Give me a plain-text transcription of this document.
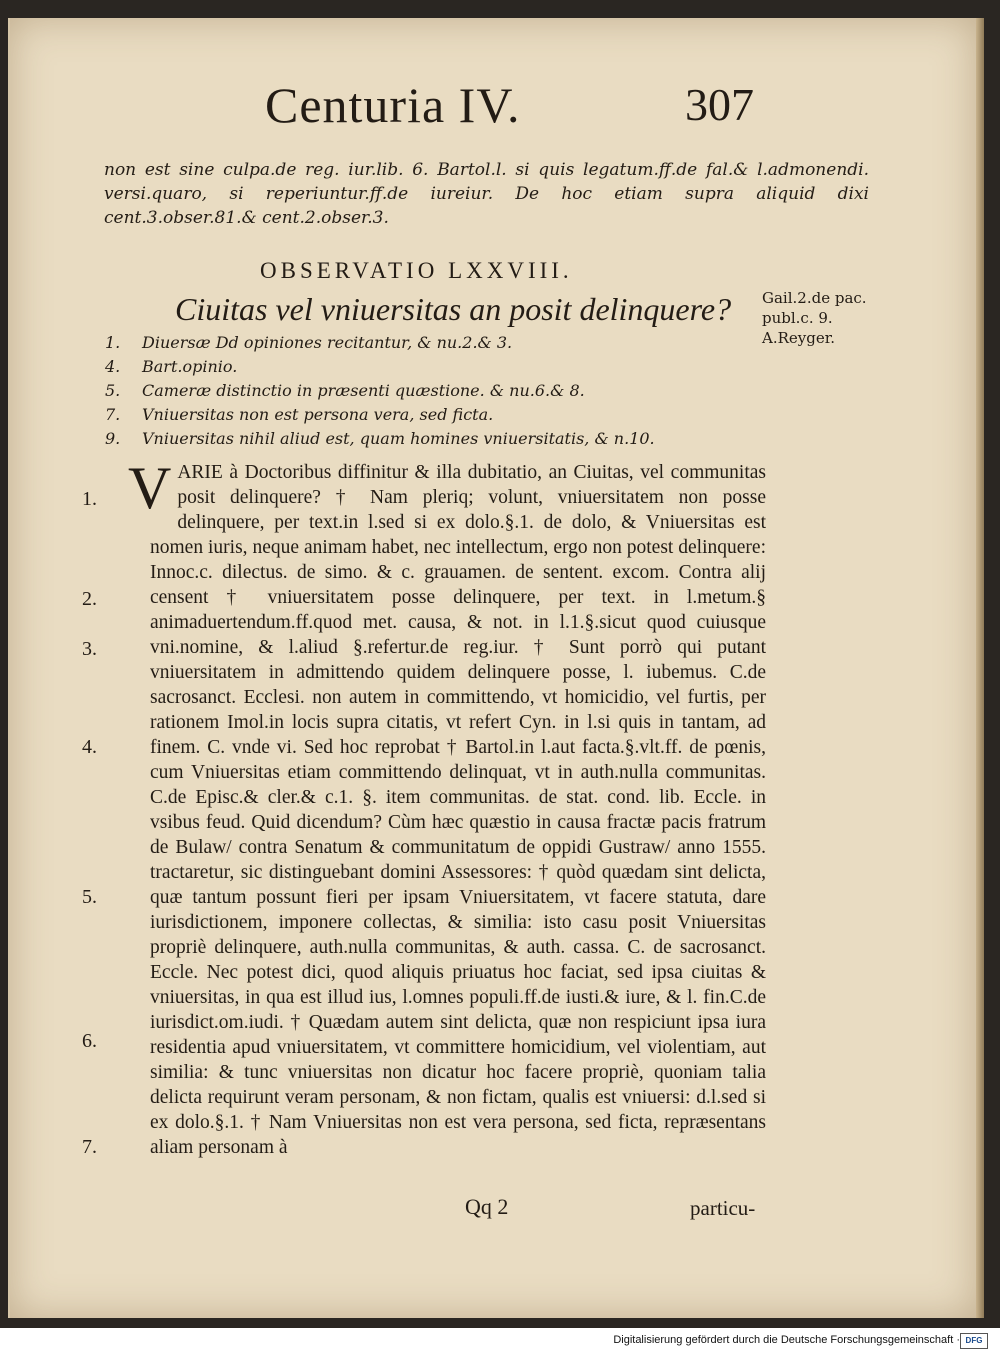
Centuria IV.	307
non est sine culpa.de reg. iur.lib. 6. Bartol.l. si quis legatum.ff.de fal.& l.admonendi. versi.quaro, si reperiuntur.ff.de iureiur. De hoc etiam supra aliquid dixi cent.3.obser.81.& cent.2.obser.3.
OBSERVATIO LXXVIII.
Ciuitas vel vniuersitas an posit delinquere? Gail.2.de pac.
publ.c. 9.
A.Reyger.
1.	Diuersæ Dd opiniones recitantur, & nu.2.& 3.
4.	Bart.opinio.
5.	Cameræ distinctio in præsenti quæstione. & nu.6.& 8.
7.	Vniuersitas non est persona vera, sed ficta.
9.	Vniuersitas nihil aliud est, quam homines vniuersitatis, & n.10.
1.
2.
3.
4.
5.
6.
7.

VARIE à Doctoribus diffinitur & illa dubitatio, an Ciuitas, vel communitas posit delinquere? † Nam pleriq; volunt, vniuersitatem non posse delinquere, per text.in l.sed si ex dolo.§.1. de dolo, & Vniuersitas est nomen iuris, neque animam habet, nec intellectum, ergo non potest delinquere: Innoc.c. dilectus. de simo. & c. grauamen. de sentent. excom. Contra alij censent † vniuersitatem posse delinquere, per text. in l.metum.§ animaduertendum.ff.quod met. causa, & not. in l.1.§.sicut quod cuiusque vni.nomine, & l.aliud §.refertur.de reg.iur. † Sunt porrò qui putant vniuersitatem in admittendo quidem delinquere posse, l. iubemus. C.de sacrosanct. Ecclesi. non autem in committendo, vt homicidio, vel furtis, per rationem Imol.in locis supra citatis, vt refert Cyn. in l.si quis in tantam, ad finem. C. vnde vi. Sed hoc reprobat † Bartol.in l.aut facta.§.vlt.ff. de pœnis, cum Vniuersitas etiam committendo delinquat, vt in auth.nulla communitas. C.de Episc.& cler.& c.1. §. item communitas. de stat. cond. lib. Eccle. in vsibus feud. Quid dicendum? Cùm hæc quæstio in causa fractæ pacis fratrum de Bulaw/ contra Senatum & communitatum de oppidi Gustraw/ anno 1555. tractaretur, sic distinguebant domini Assessores: † quòd quædam sint delicta, quæ tantum possunt fieri per ipsam Vniuersitatem, vt facere statuta, dare iurisdictionem, imponere collectas, & similia: isto casu posit Vniuersitas propriè delinquere, auth.nulla communitas, & auth. cassa. C. de sacrosanct. Eccle. Nec potest dici, quod aliquis priuatus hoc faciat, sed ipsa ciuitas & vniuersitas, in qua est illud ius, l.omnes populi.ff.de iusti.& iure, & l. fin.C.de iurisdict.om.iudi. † Quædam autem sint delicta, quæ non respiciunt ipsa iura residentia apud vniuersitatem, vt committere homicidium, vel violentiam, aut similia: & tunc vniuersitas non dicatur hoc facere propriè, quoniam talia delicta requirunt veram personam, & non fictam, qualis est vniuersi: d.l.sed si ex dolo.§.1. † Nam Vniuersitas non est vera persona, sed ficta, repræsentans aliam personam à

Qq 2	particu-
Digitalisierung gefördert durch die Deutsche Forschungsgemeinschaft · DFG
